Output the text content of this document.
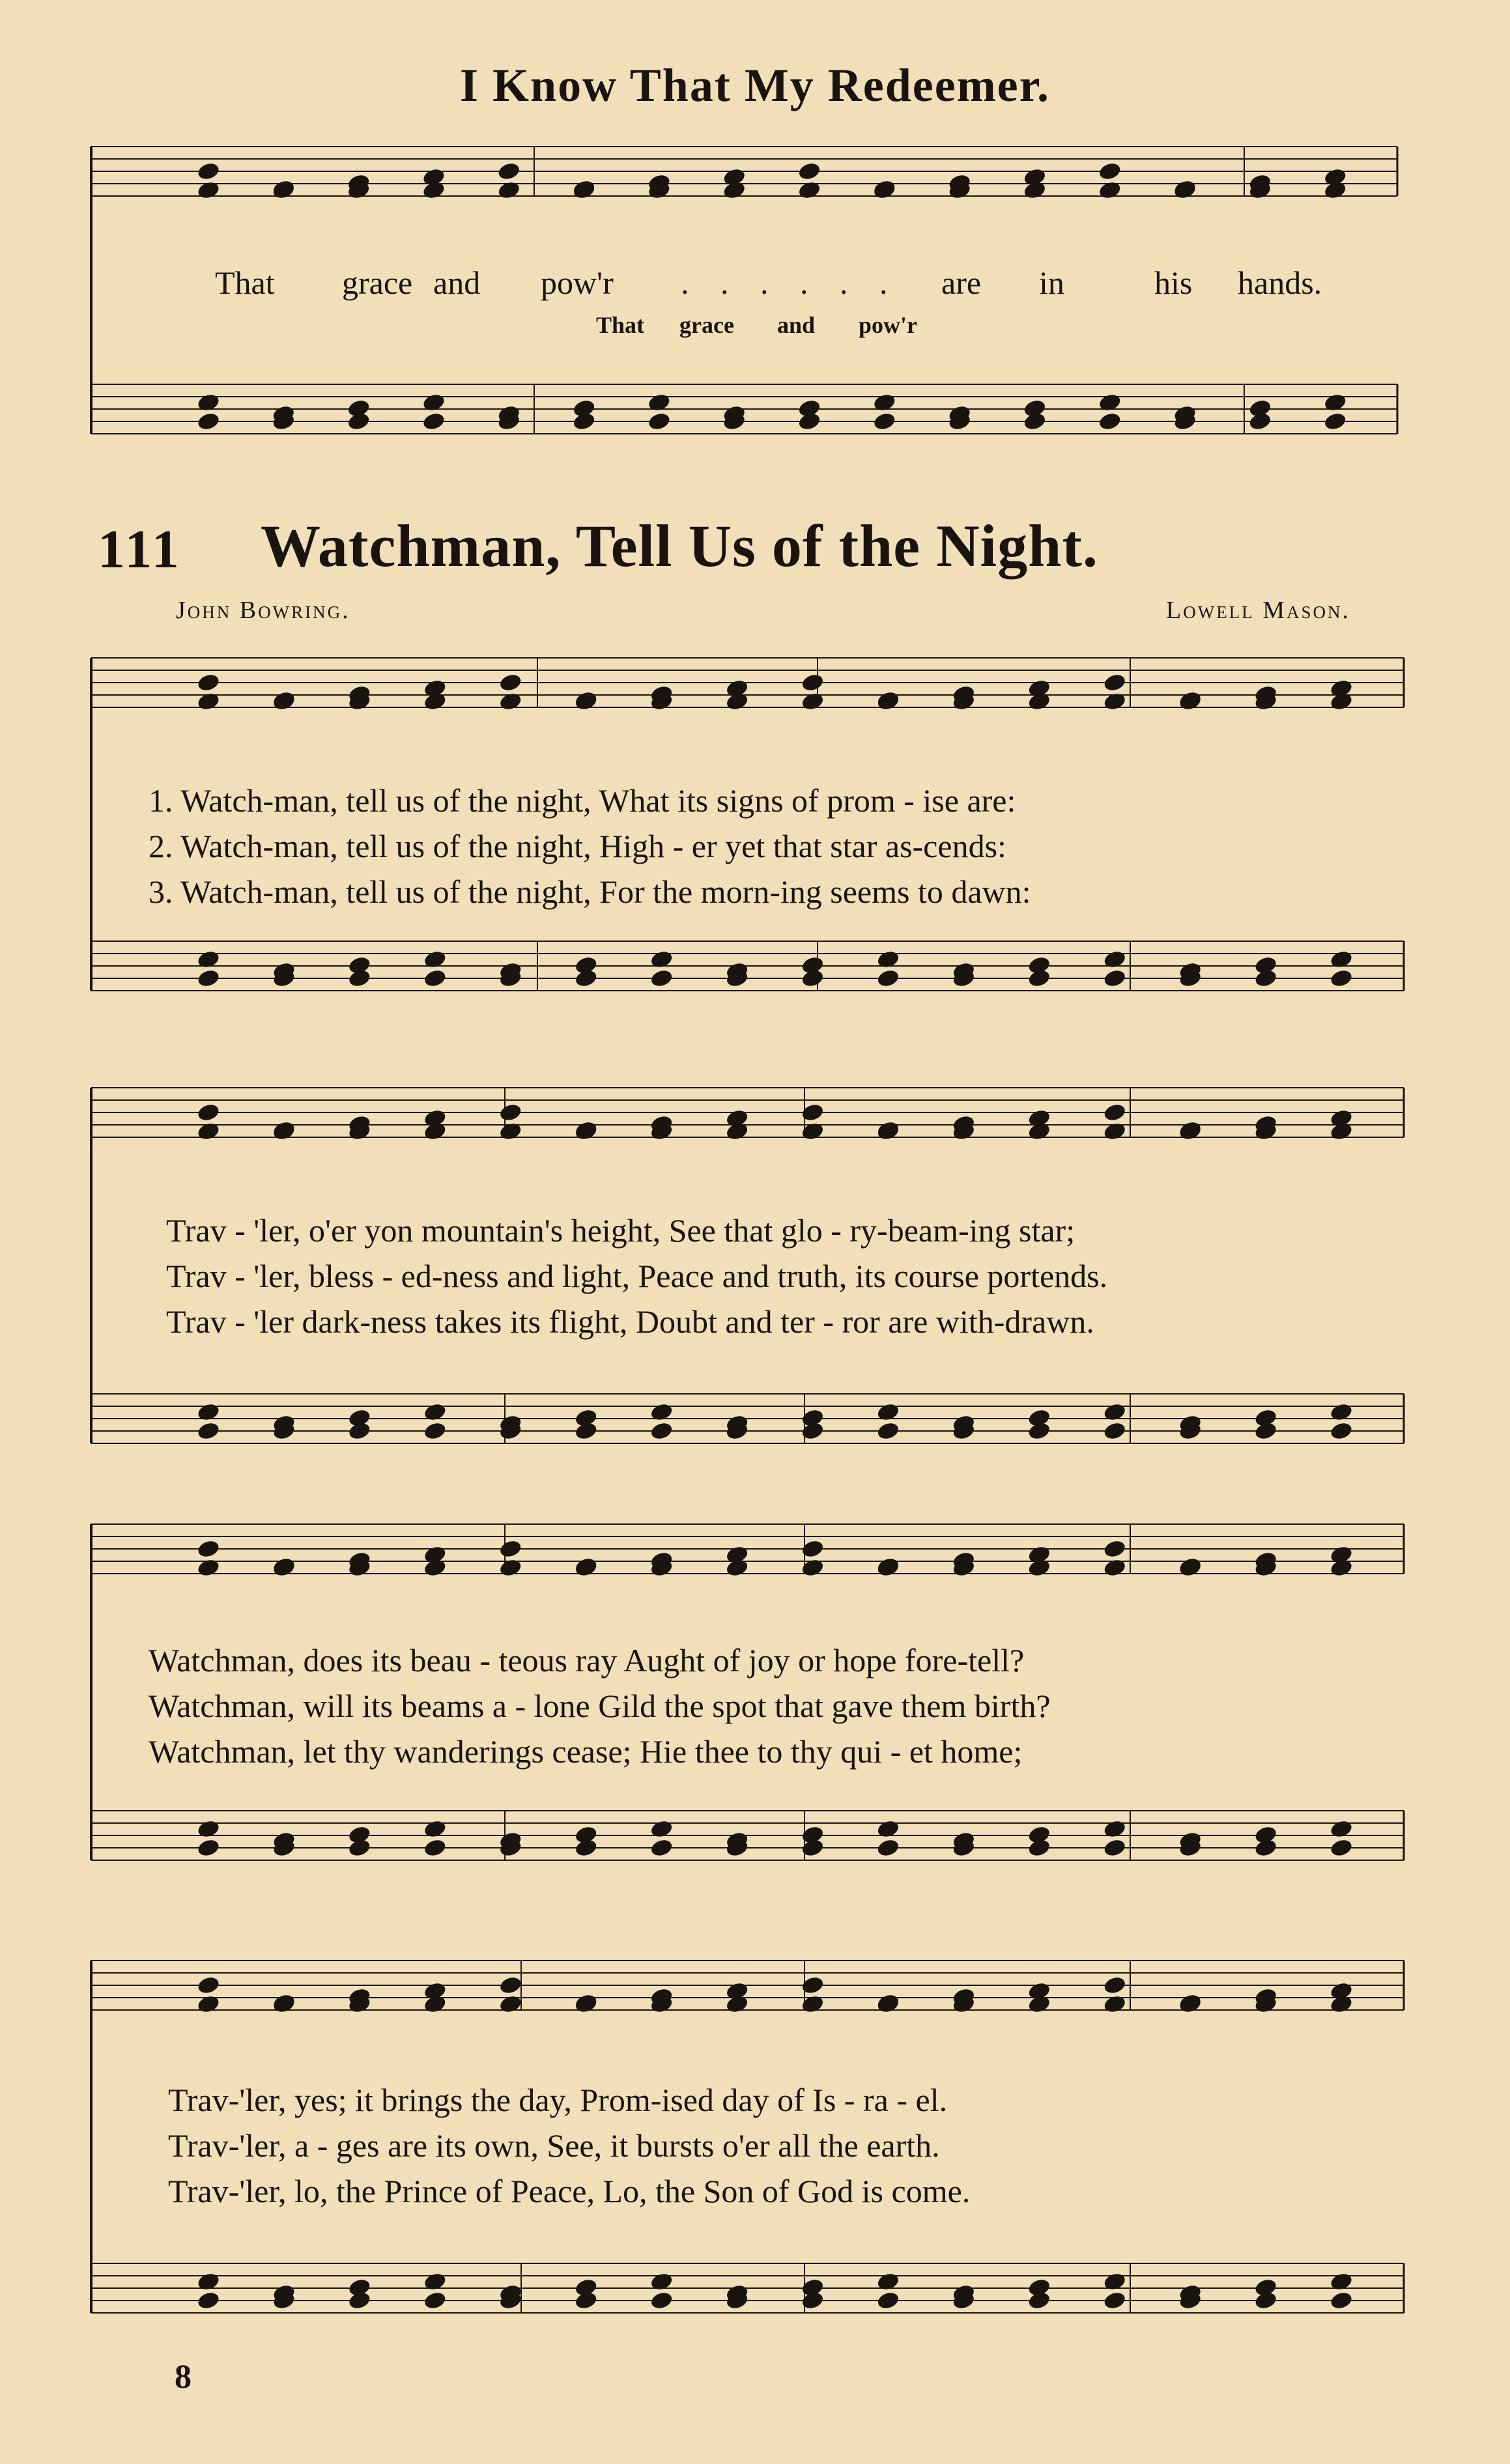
I Know That My Redeemer.
That grace and pow'r . . . . . . are in	his hands.
That grace and pow'r
111 Watchman, Tell Us of the Night.
John Bowring.	Lowell Mason.
1. Watch-man, tell us of the night, What its signs of prom - ise are:
2. Watch-man, tell us of the night, High - er yet that star as-cends:
3. Watch-man, tell us of the night, For the morn-ing seems to dawn:
Trav - 'ler, o'er yon mountain's height, See that glo - ry-beam-ing star;
Trav - 'ler, bless - ed-ness and light, Peace and truth, its course portends.
Trav - 'ler dark-ness takes its flight, Doubt and ter - ror are with-drawn.
Watchman, does its beau - teous ray Aught of joy or hope fore-tell?
Watchman, will its beams a - lone Gild the spot that gave them birth?
Watchman, let thy wanderings cease; Hie thee to thy qui - et home;
Trav-'ler, yes; it brings the day, Prom-ised day of Is - ra - el.
Trav-'ler, a - ges are its own, See, it bursts o'er all the earth.
Trav-'ler, lo, the Prince of Peace, Lo, the Son of God is come.
8
